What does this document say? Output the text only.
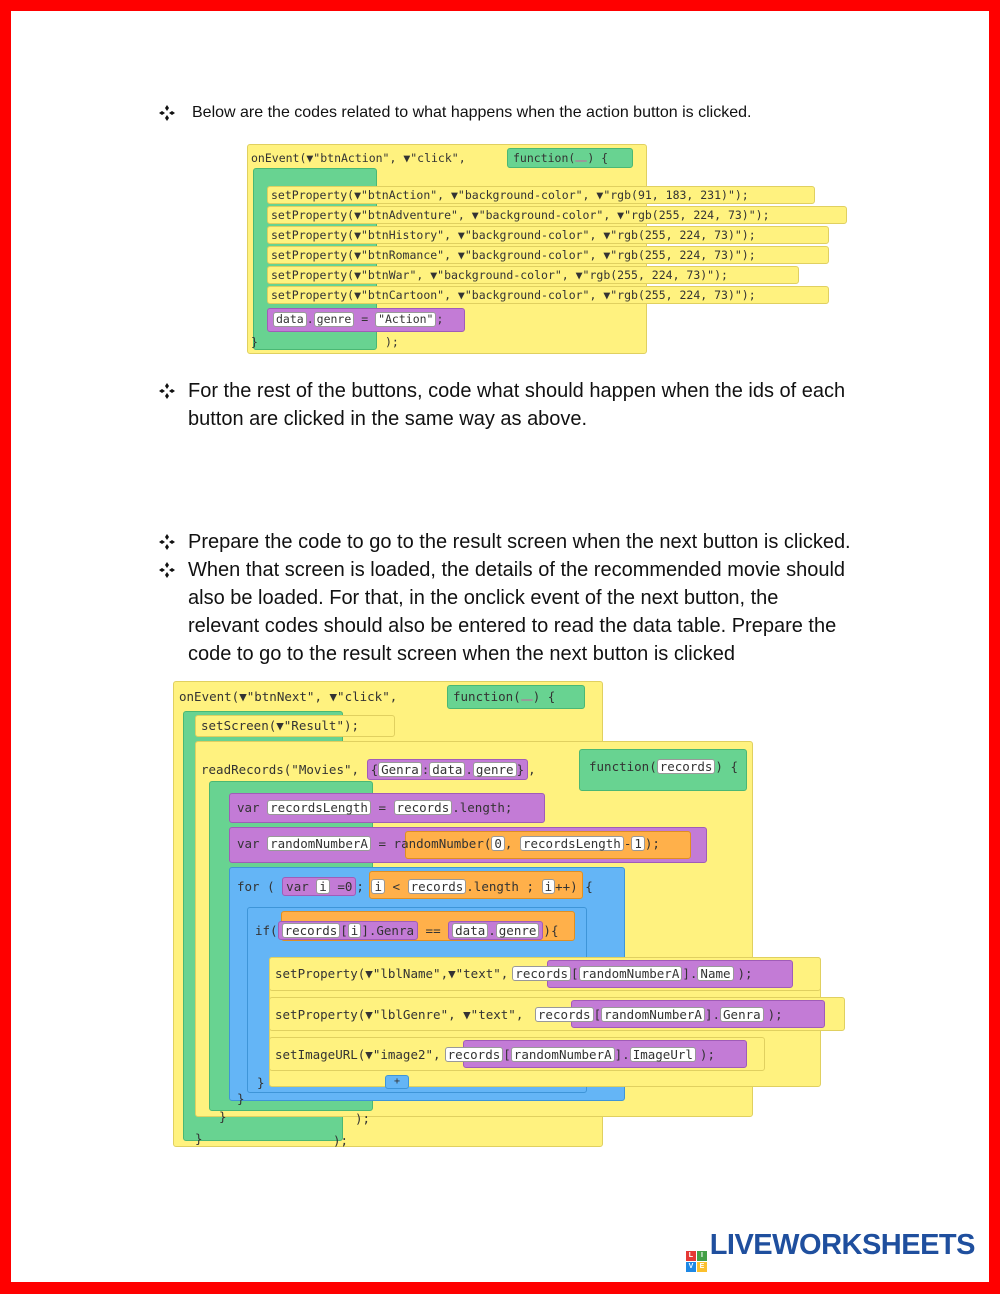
Below are the codes related to what happens when the action button is clicked.
onEvent(▼"btnAction", ▼"click",	function( ) {
setProperty(▼"btnAction", ▼"background-color", ▼"rgb(91, 183, 231)");
setProperty(▼"btnAdventure", ▼"background-color", ▼"rgb(255, 224, 73)");
setProperty(▼"btnHistory", ▼"background-color", ▼"rgb(255, 224, 73)");
setProperty(▼"btnRomance", ▼"background-color", ▼"rgb(255, 224, 73)");
setProperty(▼"btnWar", ▼"background-color", ▼"rgb(255, 224, 73)");
setProperty(▼"btnCartoon", ▼"background-color", ▼"rgb(255, 224, 73)");
data . genre = "Action" ;
}	);
For the rest of the buttons, code what should happen when the ids of each
button are clicked in the same way as above.
Prepare the code to go to the result screen when the next button is clicked.
When that screen is loaded, the details of the recommended movie should
also be loaded. For that, in the onclick event of the next button, the
relevant codes should also be entered to read the data table. Prepare the
code to go to the result screen when the next button is clicked
onEvent(▼"btnNext", ▼"click",	function( ) {
setScreen(▼"Result");
readRecords("Movies", { Genra : data . genre } ,	function( records ) {
var recordsLength = records .length;
var randomNumberA = randomNumber( 0 , recordsLength - 1 );
for ( var i =0 ; i < records .length ; i ++) {
if( records [ i ].Genra == data . genre ){
setProperty(▼"lblName",▼"text", records [ randomNumberA ]. Name );
setProperty(▼"lblGenre", ▼"text", records [ randomNumberA ]. Genra );
setImageURL(▼"image2", records [ randomNumberA ]. ImageUrl );
}	+
}
}	);
}	);
L	I
V E
LIVEWORKSHEETS
